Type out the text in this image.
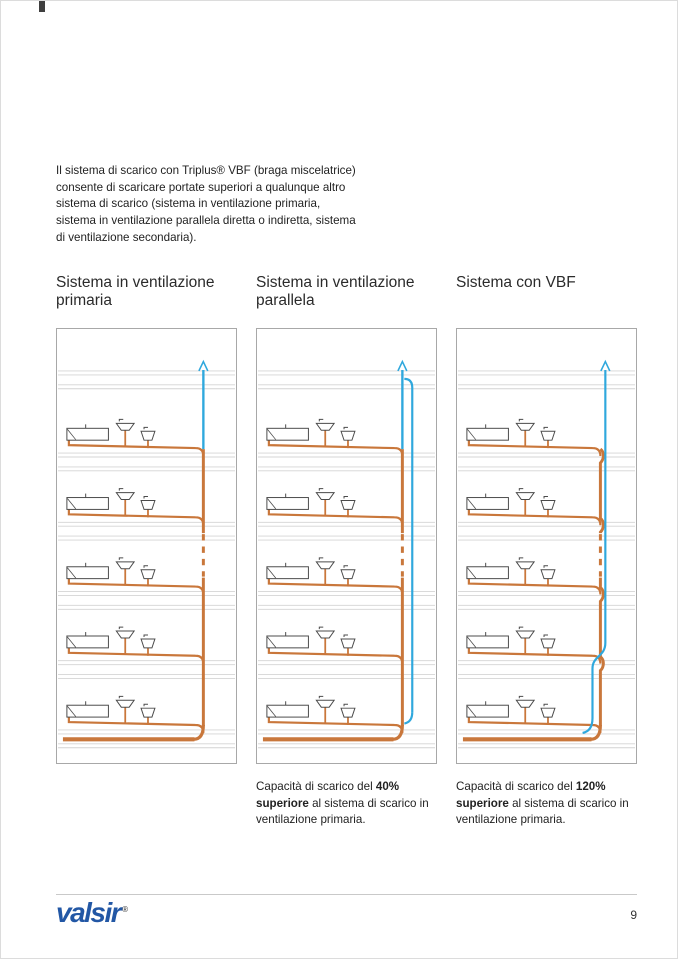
Il sistema di scarico con Triplus® VBF (braga miscelatrice) consente di scaricare portate superiori a qualunque altro sistema di scarico (sistema in ventilazione primaria, sistema in ventilazione parallela diretta o indiretta, sistema di ventilazione secondaria).

Sistema in ventilazione primaria
Sistema in ventilazione parallela
Sistema con VBF

Capacità di scarico del 40% superiore al sistema di scarico in ventilazione primaria.

Capacità di scarico del 120% superiore al sistema di scarico in ventilazione primaria.

valsir ®	9
